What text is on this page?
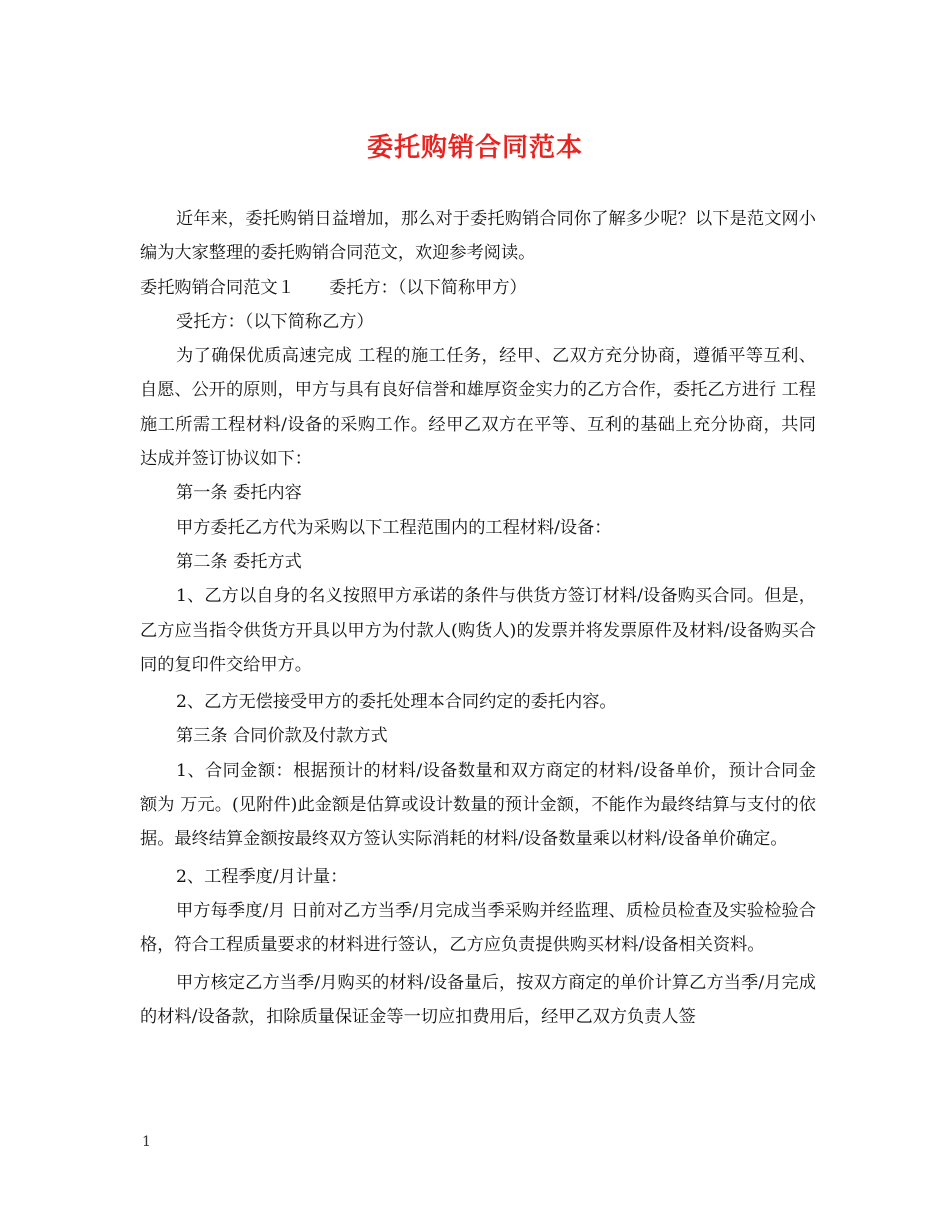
委托购销合同范本

近年来，委托购销日益增加，那么对于委托购销合同你了解多少呢？以下是范文网小编为大家整理的委托购销合同范文，欢迎参考阅读。

委托购销合同范文１　　委托方：（以下简称甲方）

受托方：（以下简称乙方）

为了确保优质高速完成 工程的施工任务，经甲、乙双方充分协商，遵循平等互利、自愿、公开的原则，甲方与具有良好信誉和雄厚资金实力的乙方合作，委托乙方进行 工程施工所需工程材料/设备的采购工作。经甲乙双方在平等、互利的基础上充分协商，共同达成并签订协议如下：

第一条 委托内容

甲方委托乙方代为采购以下工程范围内的工程材料/设备：

第二条 委托方式

1、乙方以自身的名义按照甲方承诺的条件与供货方签订材料/设备购买合同。但是，乙方应当指令供货方开具以甲方为付款人(购货人)的发票并将发票原件及材料/设备购买合同的复印件交给甲方。

2、乙方无偿接受甲方的委托处理本合同约定的委托内容。

第三条 合同价款及付款方式

1、合同金额：根据预计的材料/设备数量和双方商定的材料/设备单价，预计合同金额为 万元。(见附件)此金额是估算或设计数量的预计金额，不能作为最终结算与支付的依据。最终结算金额按最终双方签认实际消耗的材料/设备数量乘以材料/设备单价确定。

2、工程季度/月计量：

甲方每季度/月 日前对乙方当季/月完成当季采购并经监理、质检员检查及实验检验合格，符合工程质量要求的材料进行签认，乙方应负责提供购买材料/设备相关资料。

甲方核定乙方当季/月购买的材料/设备量后，按双方商定的单价计算乙方当季/月完成的材料/设备款，扣除质量保证金等一切应扣费用后，经甲乙双方负责人签

1
